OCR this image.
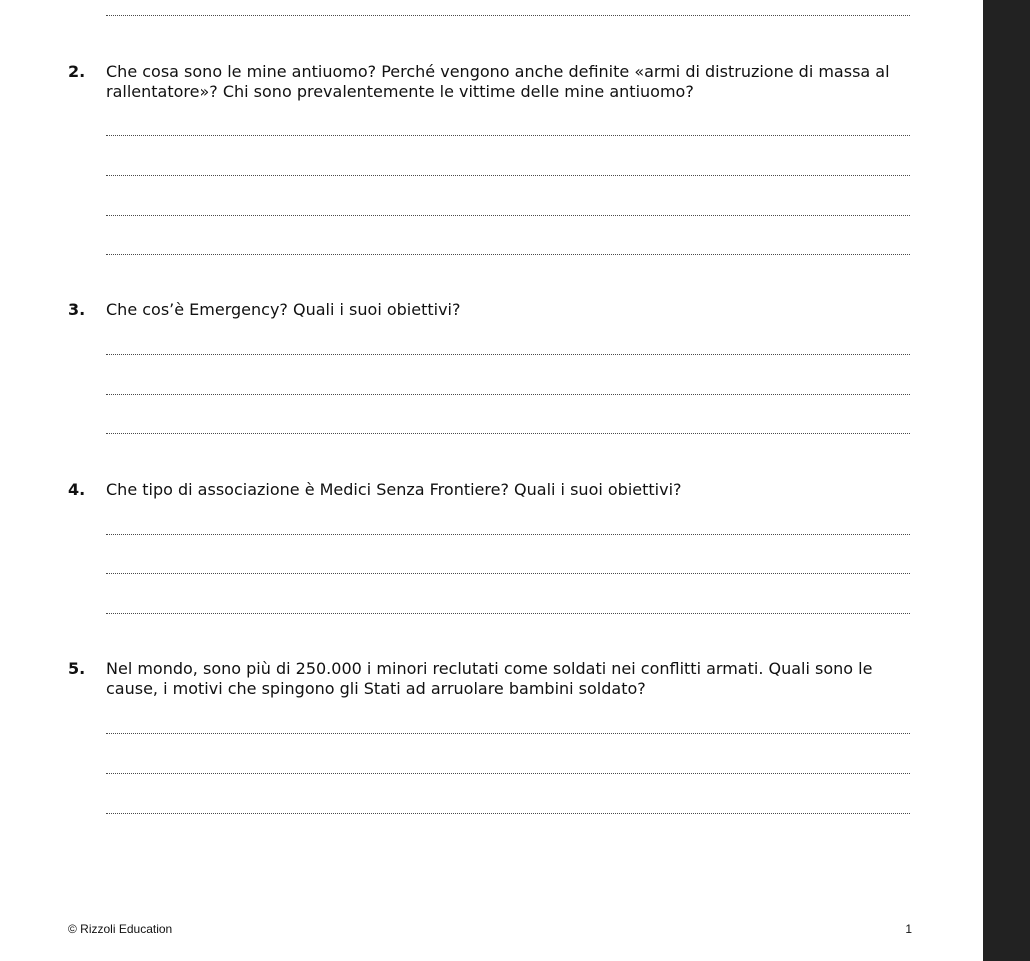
2. Che cosa sono le mine antiuomo? Perché vengono anche definite «armi di distruzione di massa al rallentatore»? Chi sono prevalentemente le vittime delle mine antiuomo?
3. Che cos’è Emergency? Quali i suoi obiettivi?
4. Che tipo di associazione è Medici Senza Frontiere? Quali i suoi obiettivi?
5. Nel mondo, sono più di 250.000 i minori reclutati come soldati nei conflitti armati. Quali sono le cause, i motivi che spingono gli Stati ad arruolare bambini soldato?
© Rizzoli Education	1
